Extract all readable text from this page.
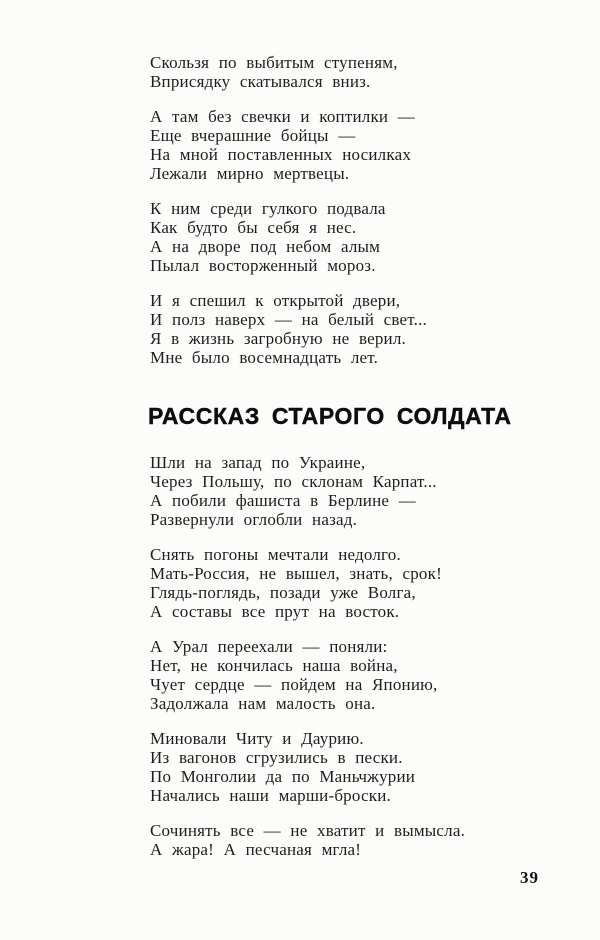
Скользя по выбитым ступеням,
Вприсядку скатывался вниз.
А там без свечки и коптилки —
Еще вчерашние бойцы —
На мной поставленных носилках
Лежали мирно мертвецы.
К ним среди гулкого подвала
Как будто бы себя я нес.
А на дворе под небом алым
Пылал восторженный мороз.
И я спешил к открытой двери,
И полз наверх — на белый свет...
Я в жизнь загробную не верил.
Мне было восемнадцать лет.
РАССКАЗ СТАРОГО СОЛДАТА
Шли на запад по Украине,
Через Польшу, по склонам Карпат...
А побили фашиста в Берлине —
Развернули оглобли назад.
Снять погоны мечтали недолго.
Мать-Россия, не вышел, знать, срок!
Глядь-поглядь, позади уже Волга,
А составы все прут на восток.
А Урал переехали — поняли:
Нет, не кончилась наша война,
Чует сердце — пойдем на Японию,
Задолжала нам малость она.
Миновали Читу и Даурию.
Из вагонов сгрузились в пески.
По Монголии да по Маньчжурии
Начались наши марши-броски.
Сочинять все — не хватит и вымысла.
А жара! А песчаная мгла!
39
